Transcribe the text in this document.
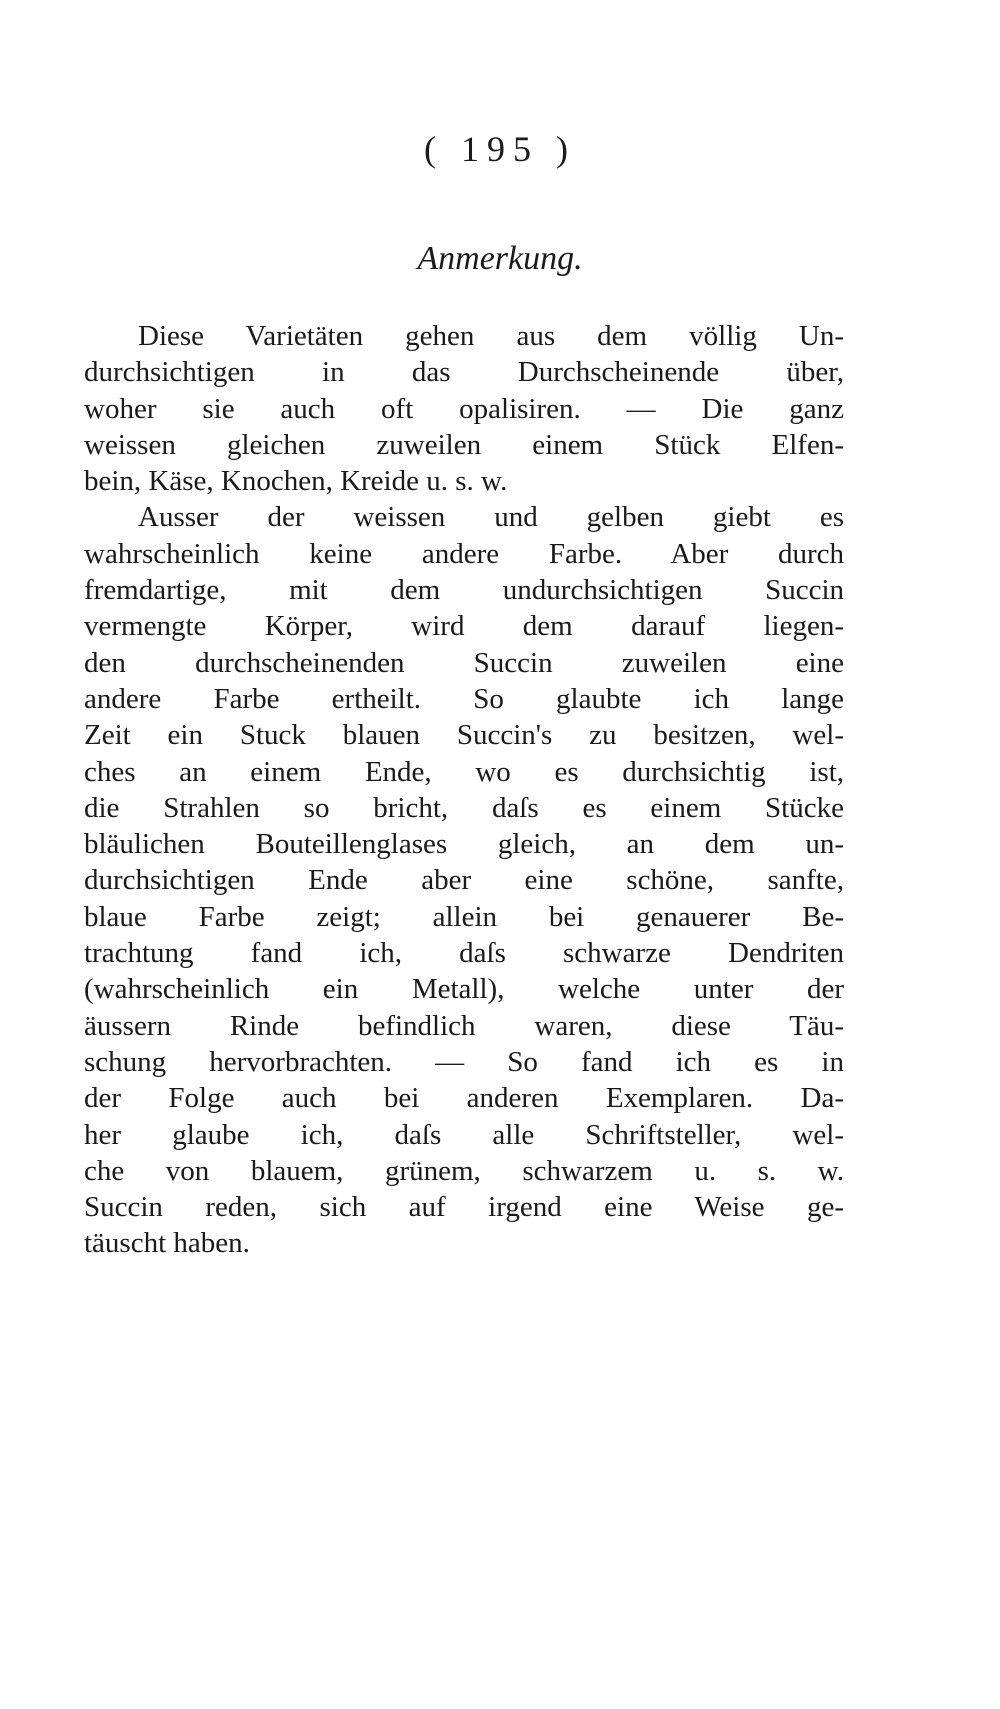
( 195 )
Anmerkung.
Diese Varietäten gehen aus dem völlig Un-
durchsichtigen in das Durchscheinende über,
woher sie auch oft opalisiren. — Die ganz
weissen gleichen zuweilen einem Stück Elfen-
bein, Käse, Knochen, Kreide u. s. w.
Ausser der weissen und gelben giebt es
wahrscheinlich keine andere Farbe. Aber durch
fremdartige, mit dem undurchsichtigen Succin
vermengte Körper, wird dem darauf liegen-
den durchscheinenden Succin zuweilen eine
andere Farbe ertheilt. So glaubte ich lange
Zeit ein Stuck blauen Succin's zu besitzen, wel-
ches an einem Ende, wo es durchsichtig ist,
die Strahlen so bricht, daſs es einem Stücke
bläulichen Bouteillenglases gleich, an dem un-
durchsichtigen Ende aber eine schöne, sanfte,
blaue Farbe zeigt; allein bei genauerer Be-
trachtung fand ich, daſs schwarze Dendriten
(wahrscheinlich ein Metall), welche unter der
äussern Rinde befindlich waren, diese Täu-
schung hervorbrachten. — So fand ich es in
der Folge auch bei anderen Exemplaren. Da-
her glaube ich, daſs alle Schriftsteller, wel-
che von blauem, grünem, schwarzem u. s. w.
Succin reden, sich auf irgend eine Weise ge-
täuscht haben.
